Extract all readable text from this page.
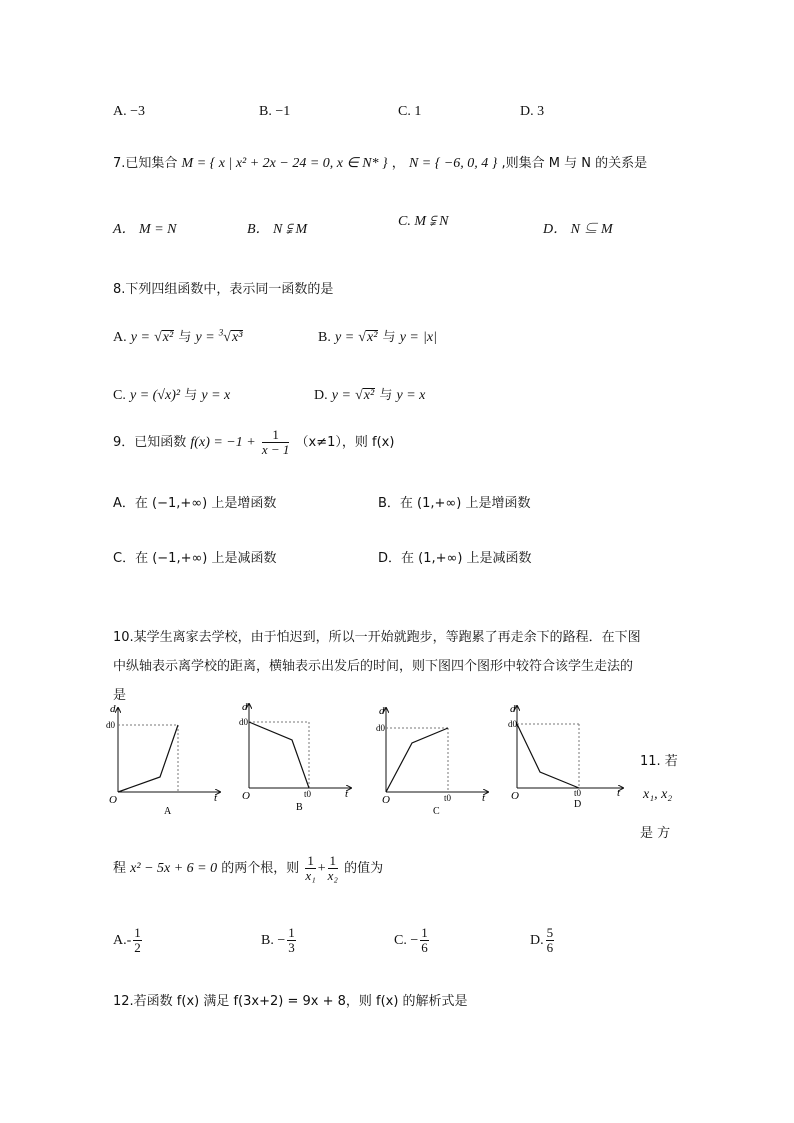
A. −3	B. −1	C. 1	D. 3
7.已知集合 M = { x | x² + 2x − 24 = 0, x ∈ N* } ， N = { −6, 0, 4 } ,则集合 M 与 N 的关系是
A． M = N	B． N ⫋ M
C. M ⫋ N
D． N ⊆ M
8.下列四组函数中，表示同一函数的是
A. y = √x² 与 y = $^3$√x³	B. y = √x² 与 y = |x|
C. y = (√x)² 与 y = x	D. y = √x² 与 y = x
9．已知函数 $f(x) = -1 + \frac{1}{x - 1} (x\ne 1)$，则 f(x)
A．在 (−1,+∞) 上是增函数	B．在 (1,+∞) 上是增函数
C．在 (−1,+∞) 上是减函数	D．在 (1,+∞) 上是减函数
10.某学生离家去学校，由于怕迟到，所以一开始就跑步，等跑累了再走余下的路程．在下图
中纵轴表示离学校的距离，横轴表示出发后的时间，则下图四个图形中较符合该学生走法的
是
d
d0
O	t
A
d
d0
O	t0	t
B
d
d0
O	t0	t
C
d
d0
O	t0	t
D
11. 若
x₁, x₂
是 方
程 x² − 5x + 6 = 0 的两个根，则 $\frac{1}{\text{x₁}} + \frac{1}{\text{x₂}}$ 的值为
$A.- \frac{1}{2}$	B. − $\frac{1}{3}$	C. − $\frac{1}{6}$	D. $\frac{5}{6}$
12.若函数 f(x) 满足 f(3x+2) = 9x + 8，则 f(x) 的解析式是
